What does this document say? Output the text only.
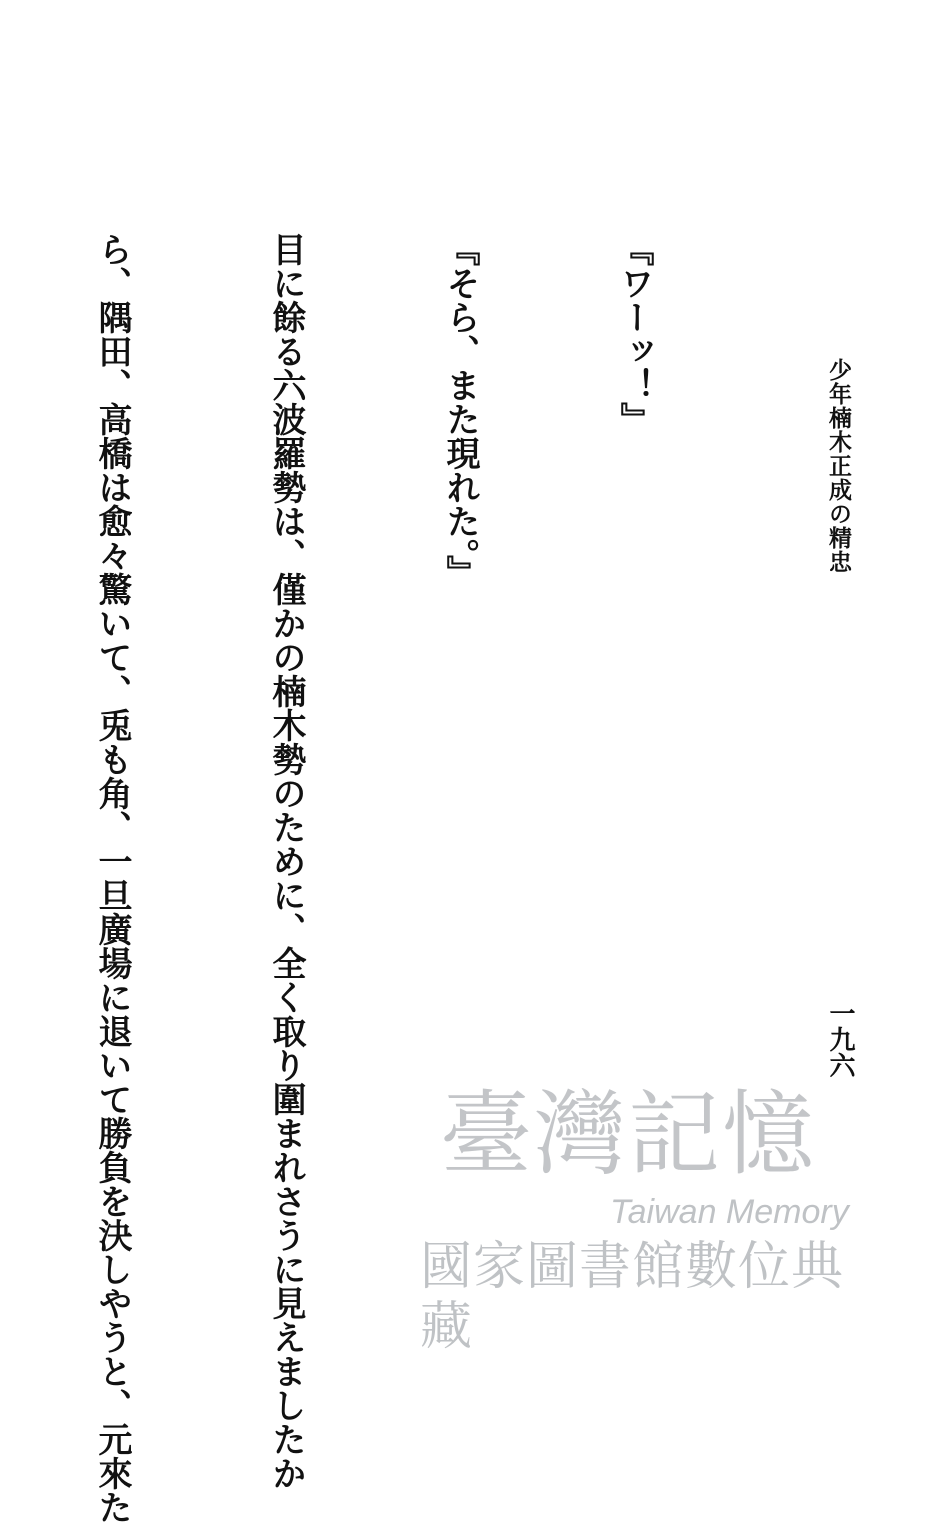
少年楠木正成の精忠
一九六

『ワーッ！』

『そら、また現れた。』

目に餘る六波羅勢は、僅かの楠木勢のために、全く取り圍まれさうに見えましたか

ら、隅田、高橋は愈々驚いて、兎も角、一旦廣場に退いて勝負を決しやうと、元來た

	臺灣記憶
Taiwan Memory
國家圖書館數位典藏
